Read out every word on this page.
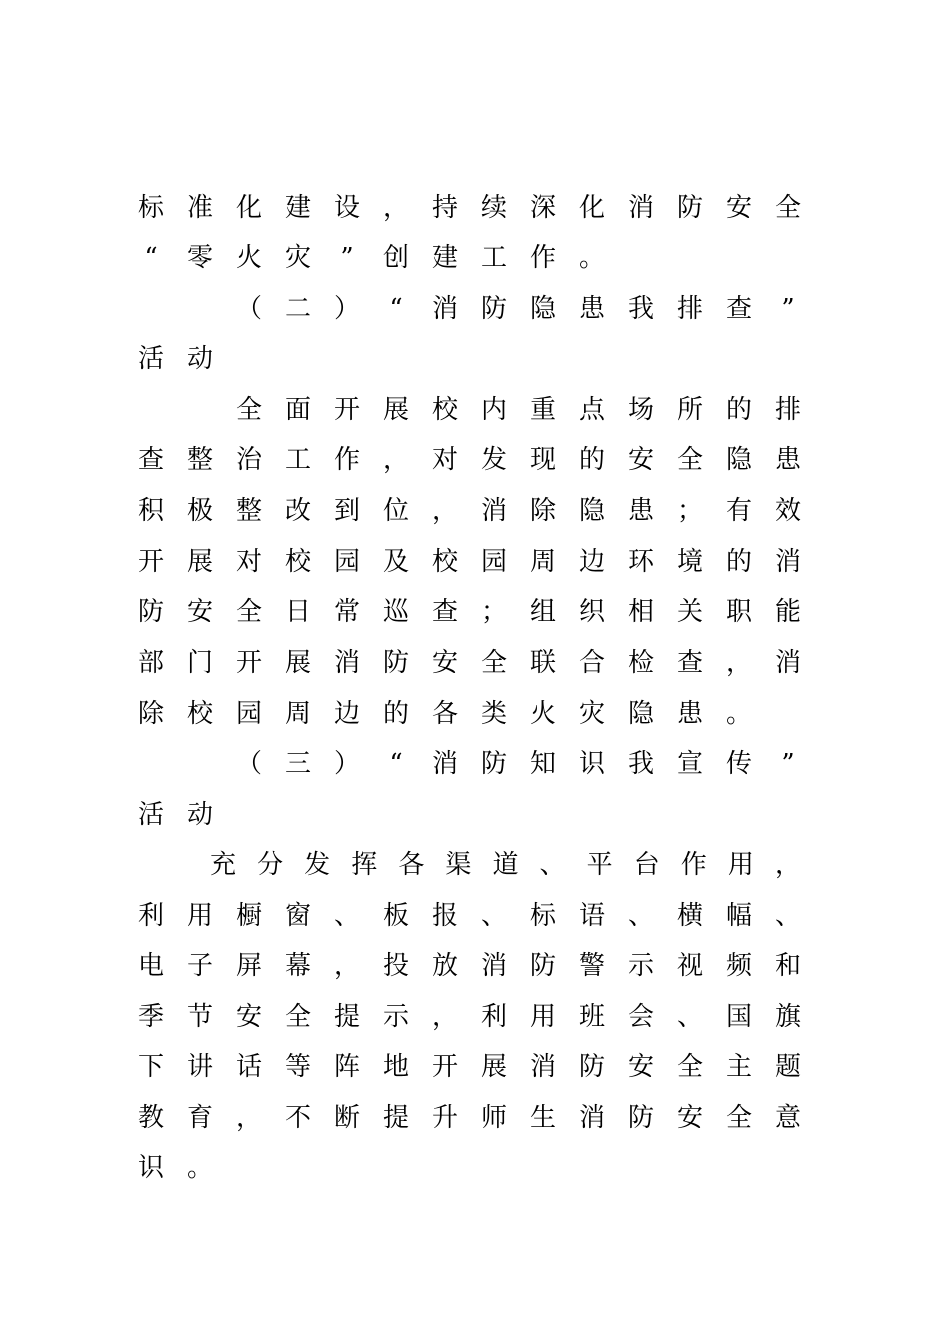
标 准 化 建 设 ， 持 续 深 化 消 防 安 全
“ 零 火 灾 ” 创 建 工 作 。
（ 二 ） “ 消 防 隐 患 我 排 查 ”
活 动
全 面 开 展 校 内 重 点 场 所 的 排
查 整 治 工 作 ， 对 发 现 的 安 全 隐 患
积 极 整 改 到 位 ， 消 除 隐 患 ； 有 效
开 展 对 校 园 及 校 园 周 边 环 境 的 消
防 安 全 日 常 巡 查 ； 组 织 相 关 职 能
部 门 开 展 消 防 安 全 联 合 检 查 ， 消
除 校 园 周 边 的 各 类 火 灾 隐 患 。
（ 三 ） “ 消 防 知 识 我 宣 传 ”
活 动
充 分 发 挥 各 渠 道 、 平 台 作 用 ，
利 用 橱 窗 、 板 报 、 标 语 、 横 幅 、
电 子 屏 幕 ， 投 放 消 防 警 示 视 频 和
季 节 安 全 提 示 ， 利 用 班 会 、 国 旗
下 讲 话 等 阵 地 开 展 消 防 安 全 主 题
教 育 ， 不 断 提 升 师 生 消 防 安 全 意
识 。
